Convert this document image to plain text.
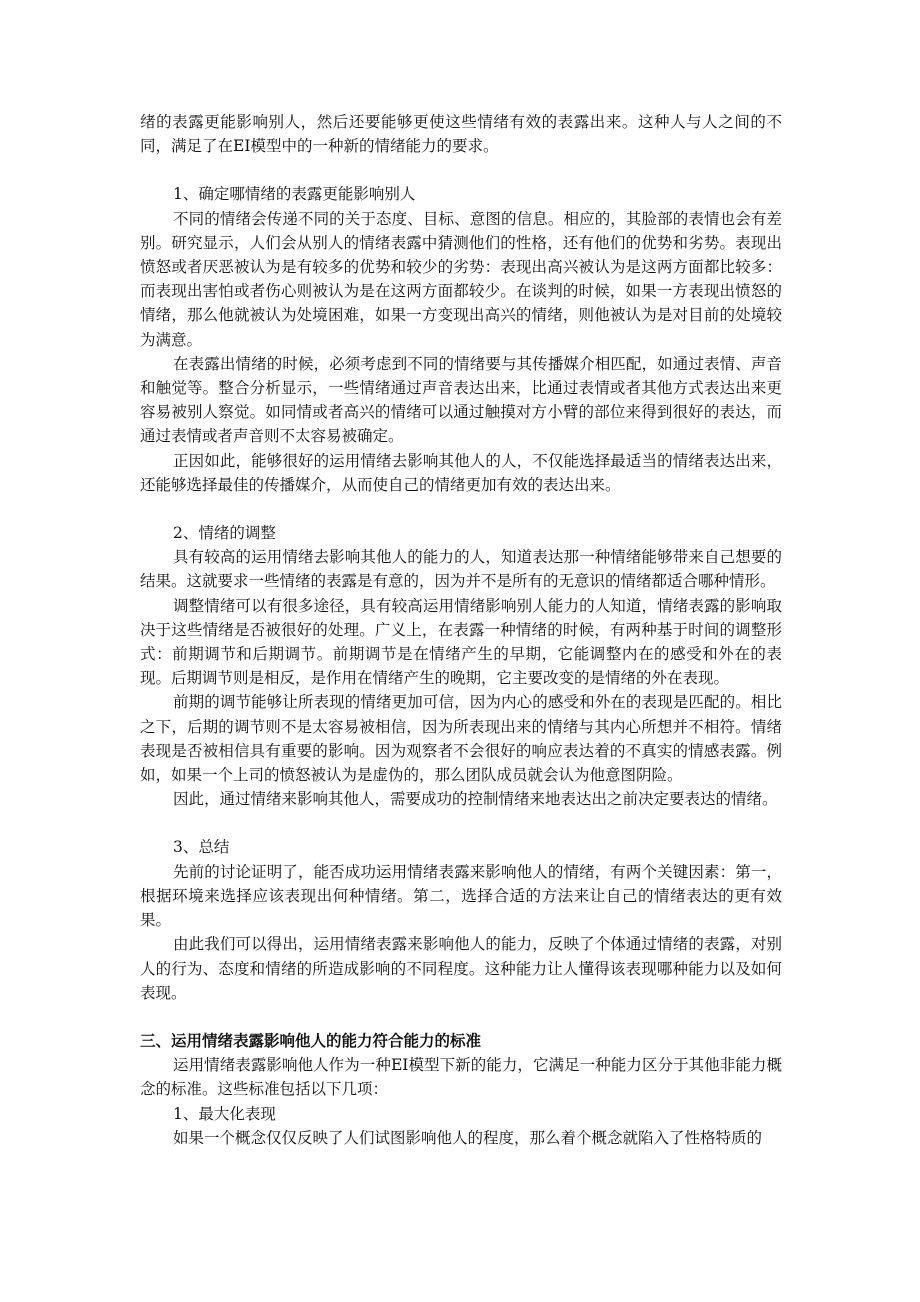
绪的表露更能影响别人，然后还要能够更使这些情绪有效的表露出来。这种人与人之间的不同，满足了在EI模型中的一种新的情绪能力的要求。

1、确定哪情绪的表露更能影响别人

不同的情绪会传递不同的关于态度、目标、意图的信息。相应的，其脸部的表情也会有差别。研究显示，人们会从别人的情绪表露中猜测他们的性格，还有他们的优势和劣势。表现出愤怒或者厌恶被认为是有较多的优势和较少的劣势：表现出高兴被认为是这两方面都比较多：而表现出害怕或者伤心则被认为是在这两方面都较少。在谈判的时候，如果一方表现出愤怒的情绪，那么他就被认为处境困难，如果一方变现出高兴的情绪，则他被认为是对目前的处境较为满意。

在表露出情绪的时候，必须考虑到不同的情绪要与其传播媒介相匹配，如通过表情、声音和触觉等。整合分析显示，一些情绪通过声音表达出来，比通过表情或者其他方式表达出来更容易被别人察觉。如同情或者高兴的情绪可以通过触摸对方小臂的部位来得到很好的表达，而通过表情或者声音则不太容易被确定。

正因如此，能够很好的运用情绪去影响其他人的人，不仅能选择最适当的情绪表达出来，还能够选择最佳的传播媒介，从而使自己的情绪更加有效的表达出来。

2、情绪的调整

具有较高的运用情绪去影响其他人的能力的人，知道表达那一种情绪能够带来自己想要的结果。这就要求一些情绪的表露是有意的，因为并不是所有的无意识的情绪都适合哪种情形。

调整情绪可以有很多途径，具有较高运用情绪影响别人能力的人知道，情绪表露的影响取决于这些情绪是否被很好的处理。广义上，在表露一种情绪的时候，有两种基于时间的调整形式：前期调节和后期调节。前期调节是在情绪产生的早期，它能调整内在的感受和外在的表现。后期调节则是相反，是作用在情绪产生的晚期，它主要改变的是情绪的外在表现。

前期的调节能够让所表现的情绪更加可信，因为内心的感受和外在的表现是匹配的。相比之下，后期的调节则不是太容易被相信，因为所表现出来的情绪与其内心所想并不相符。情绪表现是否被相信具有重要的影响。因为观察者不会很好的响应表达着的不真实的情感表露。例如，如果一个上司的愤怒被认为是虚伪的，那么团队成员就会认为他意图阴险。

因此，通过情绪来影响其他人，需要成功的控制情绪来地表达出之前决定要表达的情绪。

3、总结

先前的讨论证明了，能否成功运用情绪表露来影响他人的情绪，有两个关键因素：第一，根据环境来选择应该表现出何种情绪。第二，选择合适的方法来让自己的情绪表达的更有效果。

由此我们可以得出，运用情绪表露来影响他人的能力，反映了个体通过情绪的表露，对别人的行为、态度和情绪的所造成影响的不同程度。这种能力让人懂得该表现哪种能力以及如何表现。

三、运用情绪表露影响他人的能力符合能力的标准

运用情绪表露影响他人作为一种EI模型下新的能力，它满足一种能力区分于其他非能力概念的标准。这些标准包括以下几项：

1、最大化表现

如果一个概念仅仅反映了人们试图影响他人的程度，那么着个概念就陷入了性格特质的
